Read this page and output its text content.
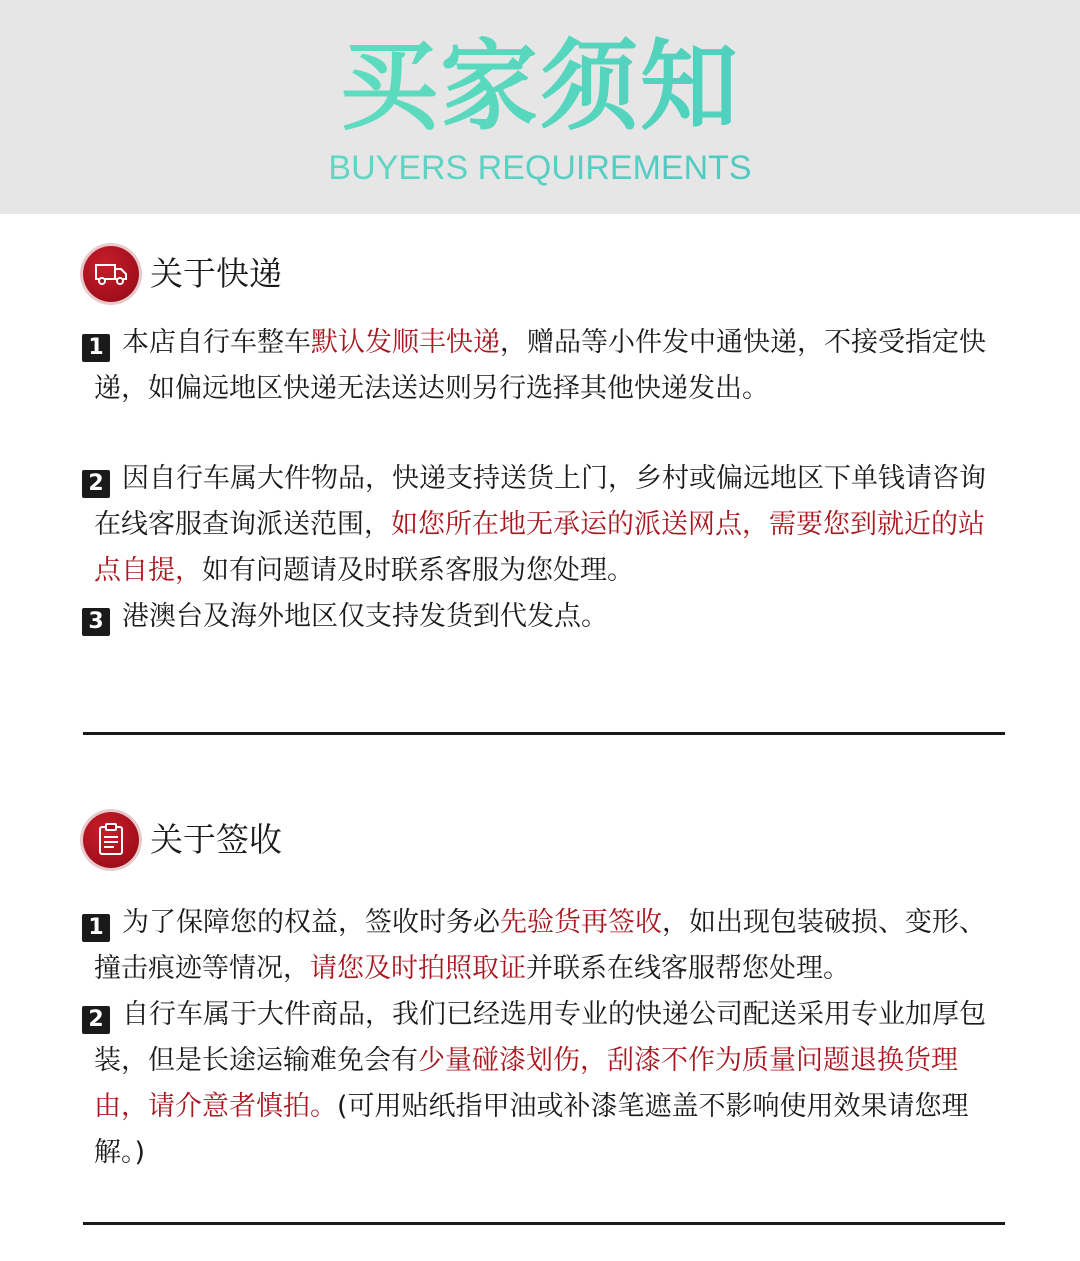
买家须知
BUYERS REQUIREMENTS
关于快递
1 本店自行车整车默认发顺丰快递，赠品等小件发中通快递，不接受指定快递，如偏远地区快递无法送达则另行选择其他快递发出。
2 因自行车属大件物品，快递支持送货上门，乡村或偏远地区下单钱请咨询在线客服查询派送范围，如您所在地无承运的派送网点，需要您到就近的站点自提，如有问题请及时联系客服为您处理。
3 港澳台及海外地区仅支持发货到代发点。
关于签收
1 为了保障您的权益，签收时务必先验货再签收，如出现包装破损、变形、撞击痕迹等情况，请您及时拍照取证并联系在线客服帮您处理。
2 自行车属于大件商品，我们已经选用专业的快递公司配送采用专业加厚包装，但是长途运输难免会有少量碰漆划伤，刮漆不作为质量问题退换货理由，请介意者慎拍。(可用贴纸指甲油或补漆笔遮盖不影响使用效果请您理解。)
